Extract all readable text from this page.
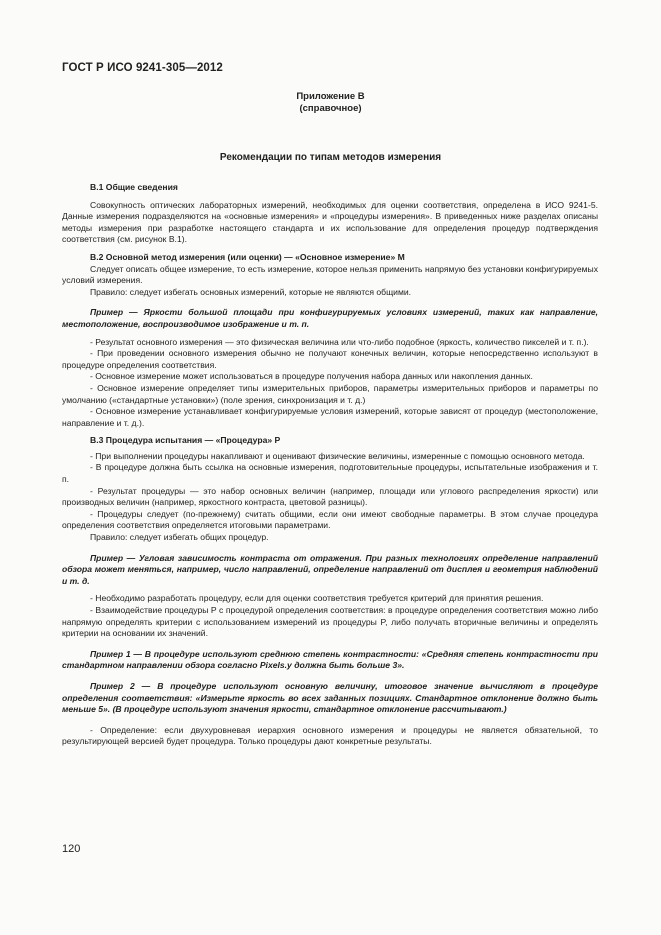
ГОСТ Р ИСО 9241-305—2012
Приложение В
(справочное)
Рекомендации по типам методов измерения

В.1 Общие сведения

Совокупность оптических лабораторных измерений, необходимых для оценки соответствия, определена в ИСО 9241-5. Данные измерения подразделяются на «основные измерения» и «процедуры измерения». В приведенных ниже разделах описаны методы измерения при разработке настоящего стандарта и их использование для определения процедур подтверждения соответствия (см. рисунок В.1).

В.2 Основной метод измерения (или оценки) — «Основное измерение» M

Следует описать общее измерение, то есть измерение, которое нельзя применить напрямую без установки конфигурируемых условий измерения.

Правило: следует избегать основных измерений, которые не являются общими.

Пример — Яркости большой площади при конфигурируемых условиях измерений, таких как направление, местоположение, воспроизводимое изображение и т. п.

- Результат основного измерения — это физическая величина или что-либо подобное (яркость, количество пикселей и т. п.).

- При проведении основного измерения обычно не получают конечных величин, которые непосредственно используют в процедуре определения соответствия.

- Основное измерение может использоваться в процедуре получения набора данных или накопления данных.

- Основное измерение определяет типы измерительных приборов, параметры измерительных приборов и параметры по умолчанию («стандартные установки») (поле зрения, синхронизация и т. д.)

- Основное измерение устанавливает конфигурируемые условия измерений, которые зависят от процедур (местоположение, направление и т. д.).

В.3 Процедура испытания — «Процедура» P

- При выполнении процедуры накапливают и оценивают физические величины, измеренные с помощью основного метода.

- В процедуре должна быть ссылка на основные измерения, подготовительные процедуры, испытательные изображения и т. п.

- Результат процедуры — это набор основных величин (например, площади или углового распределения яркости) или производных величин (например, яркостного контраста, цветовой разницы).

- Процедуры следует (по-прежнему) считать общими, если они имеют свободные параметры. В этом случае процедура определения соответствия определяется итоговыми параметрами.

Правило: следует избегать общих процедур.

Пример — Угловая зависимость контраста от отражения. При разных технологиях определение направлений обзора может меняться, например, число направлений, определение направлений от дисплея и геометрия наблюдений и т. д.

- Необходимо разработать процедуру, если для оценки соответствия требуется критерий для принятия решения.

- Взаимодействие процедуры P с процедурой определения соответствия: в процедуре определения соответствия можно либо напрямую определять критерии с использованием измерений из процедуры P, либо получать вторичные величины и определять критерии на основании их значений.

Пример 1 — В процедуре используют среднюю степень контрастности: «Средняя степень контрастности при стандартном направлении обзора согласно Pixels.y должна быть больше 3».

Пример 2 — В процедуре используют основную величину, итоговое значение вычисляют в процедуре определения соответствия: «Измерьте яркость во всех заданных позициях. Стандартное отклонение должно быть меньше 5». (В процедуре используют значения яркости, стандартное отклонение рассчитывают.)

- Определение: если двухуровневая иерархия основного измерения и процедуры не является обязательной, то результирующей версией будет процедура. Только процедуры дают конкретные результаты.

120
